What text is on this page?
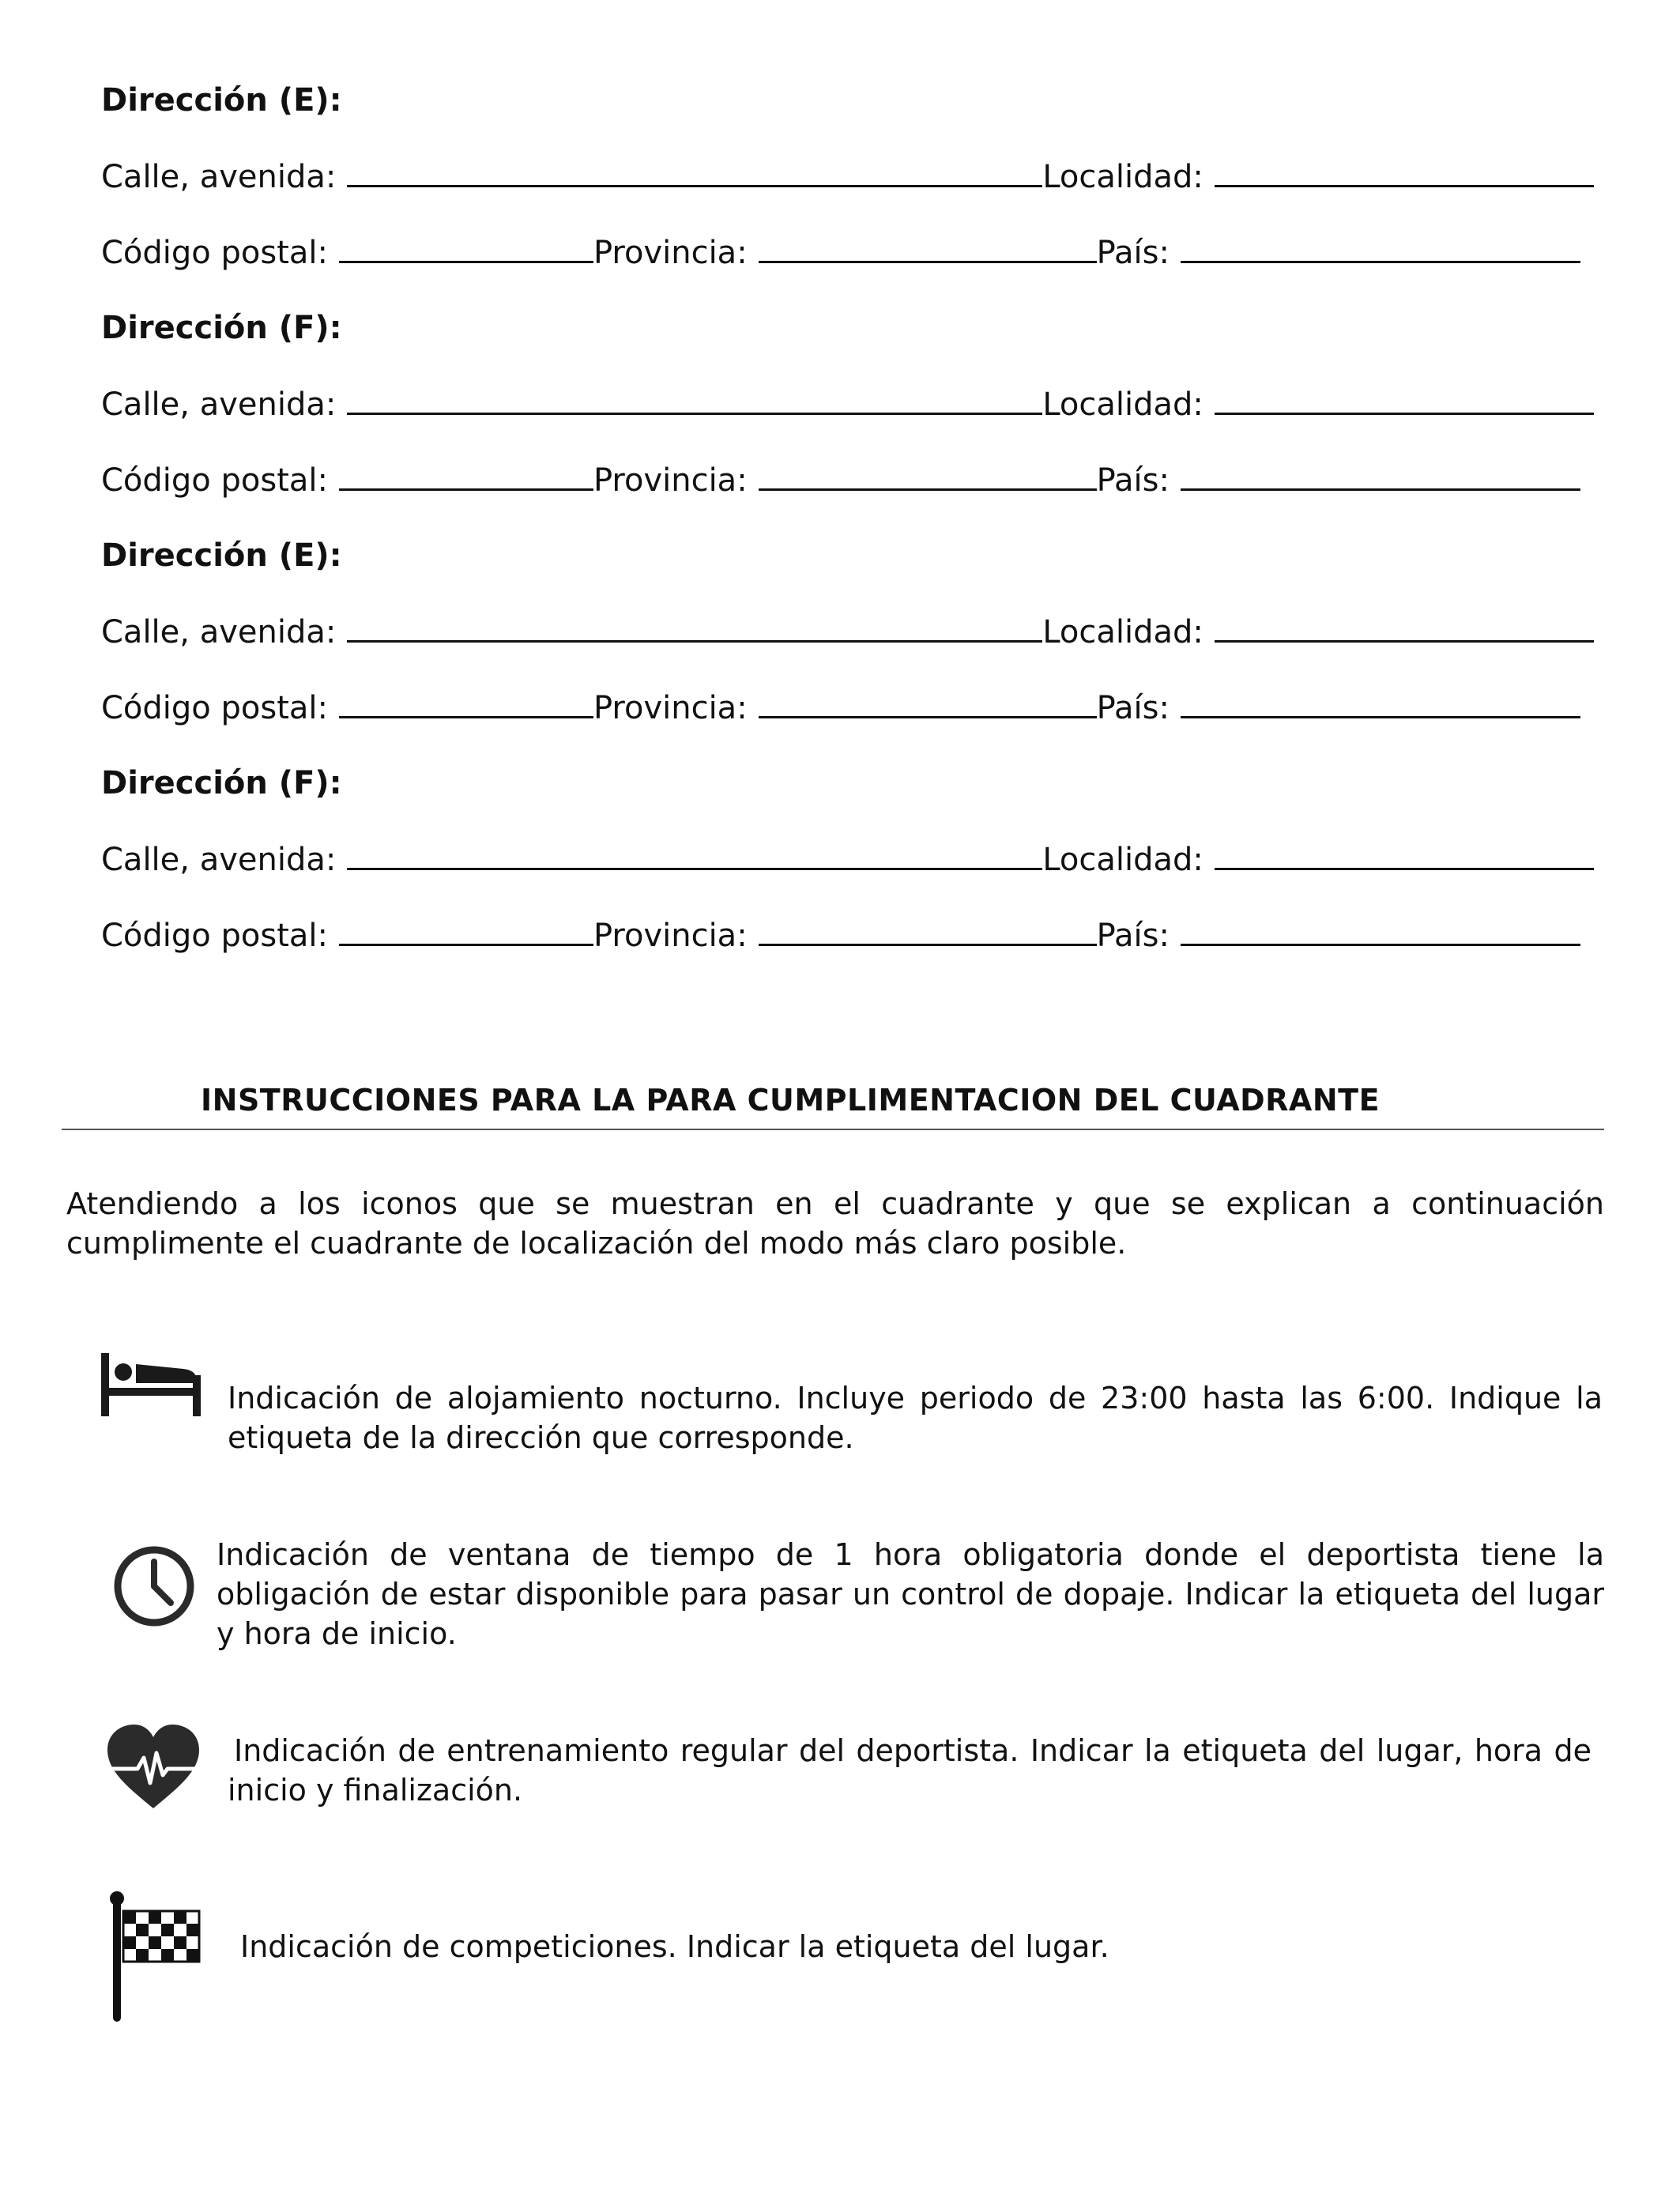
Dirección (E):
Calle, avenida:	Localidad:
Código postal:	Provincia:	País:
Dirección (F):
Calle, avenida:	Localidad:
Código postal:	Provincia:	País:
Dirección (E):
Calle, avenida:	Localidad:
Código postal:	Provincia:	País:
Dirección (F):
Calle, avenida:	Localidad:
Código postal:	Provincia:	País:
INSTRUCCIONES PARA LA PARA CUMPLIMENTACION DEL CUADRANTE
Atendiendo a los iconos que se muestran en el cuadrante y que se explican a continuación cumplimente el cuadrante de localización del modo más claro posible.
Indicación de alojamiento nocturno. Incluye periodo de 23:00 hasta las 6:00. Indique la etiqueta de la dirección que corresponde.
Indicación de ventana de tiempo de 1 hora obligatoria donde el deportista tiene la obligación de estar disponible para pasar un control de dopaje. Indicar la etiqueta del lugar y hora de inicio.
Indicación de entrenamiento regular del deportista. Indicar la etiqueta del lugar, hora de inicio y finalización.
Indicación de competiciones. Indicar la etiqueta del lugar.
